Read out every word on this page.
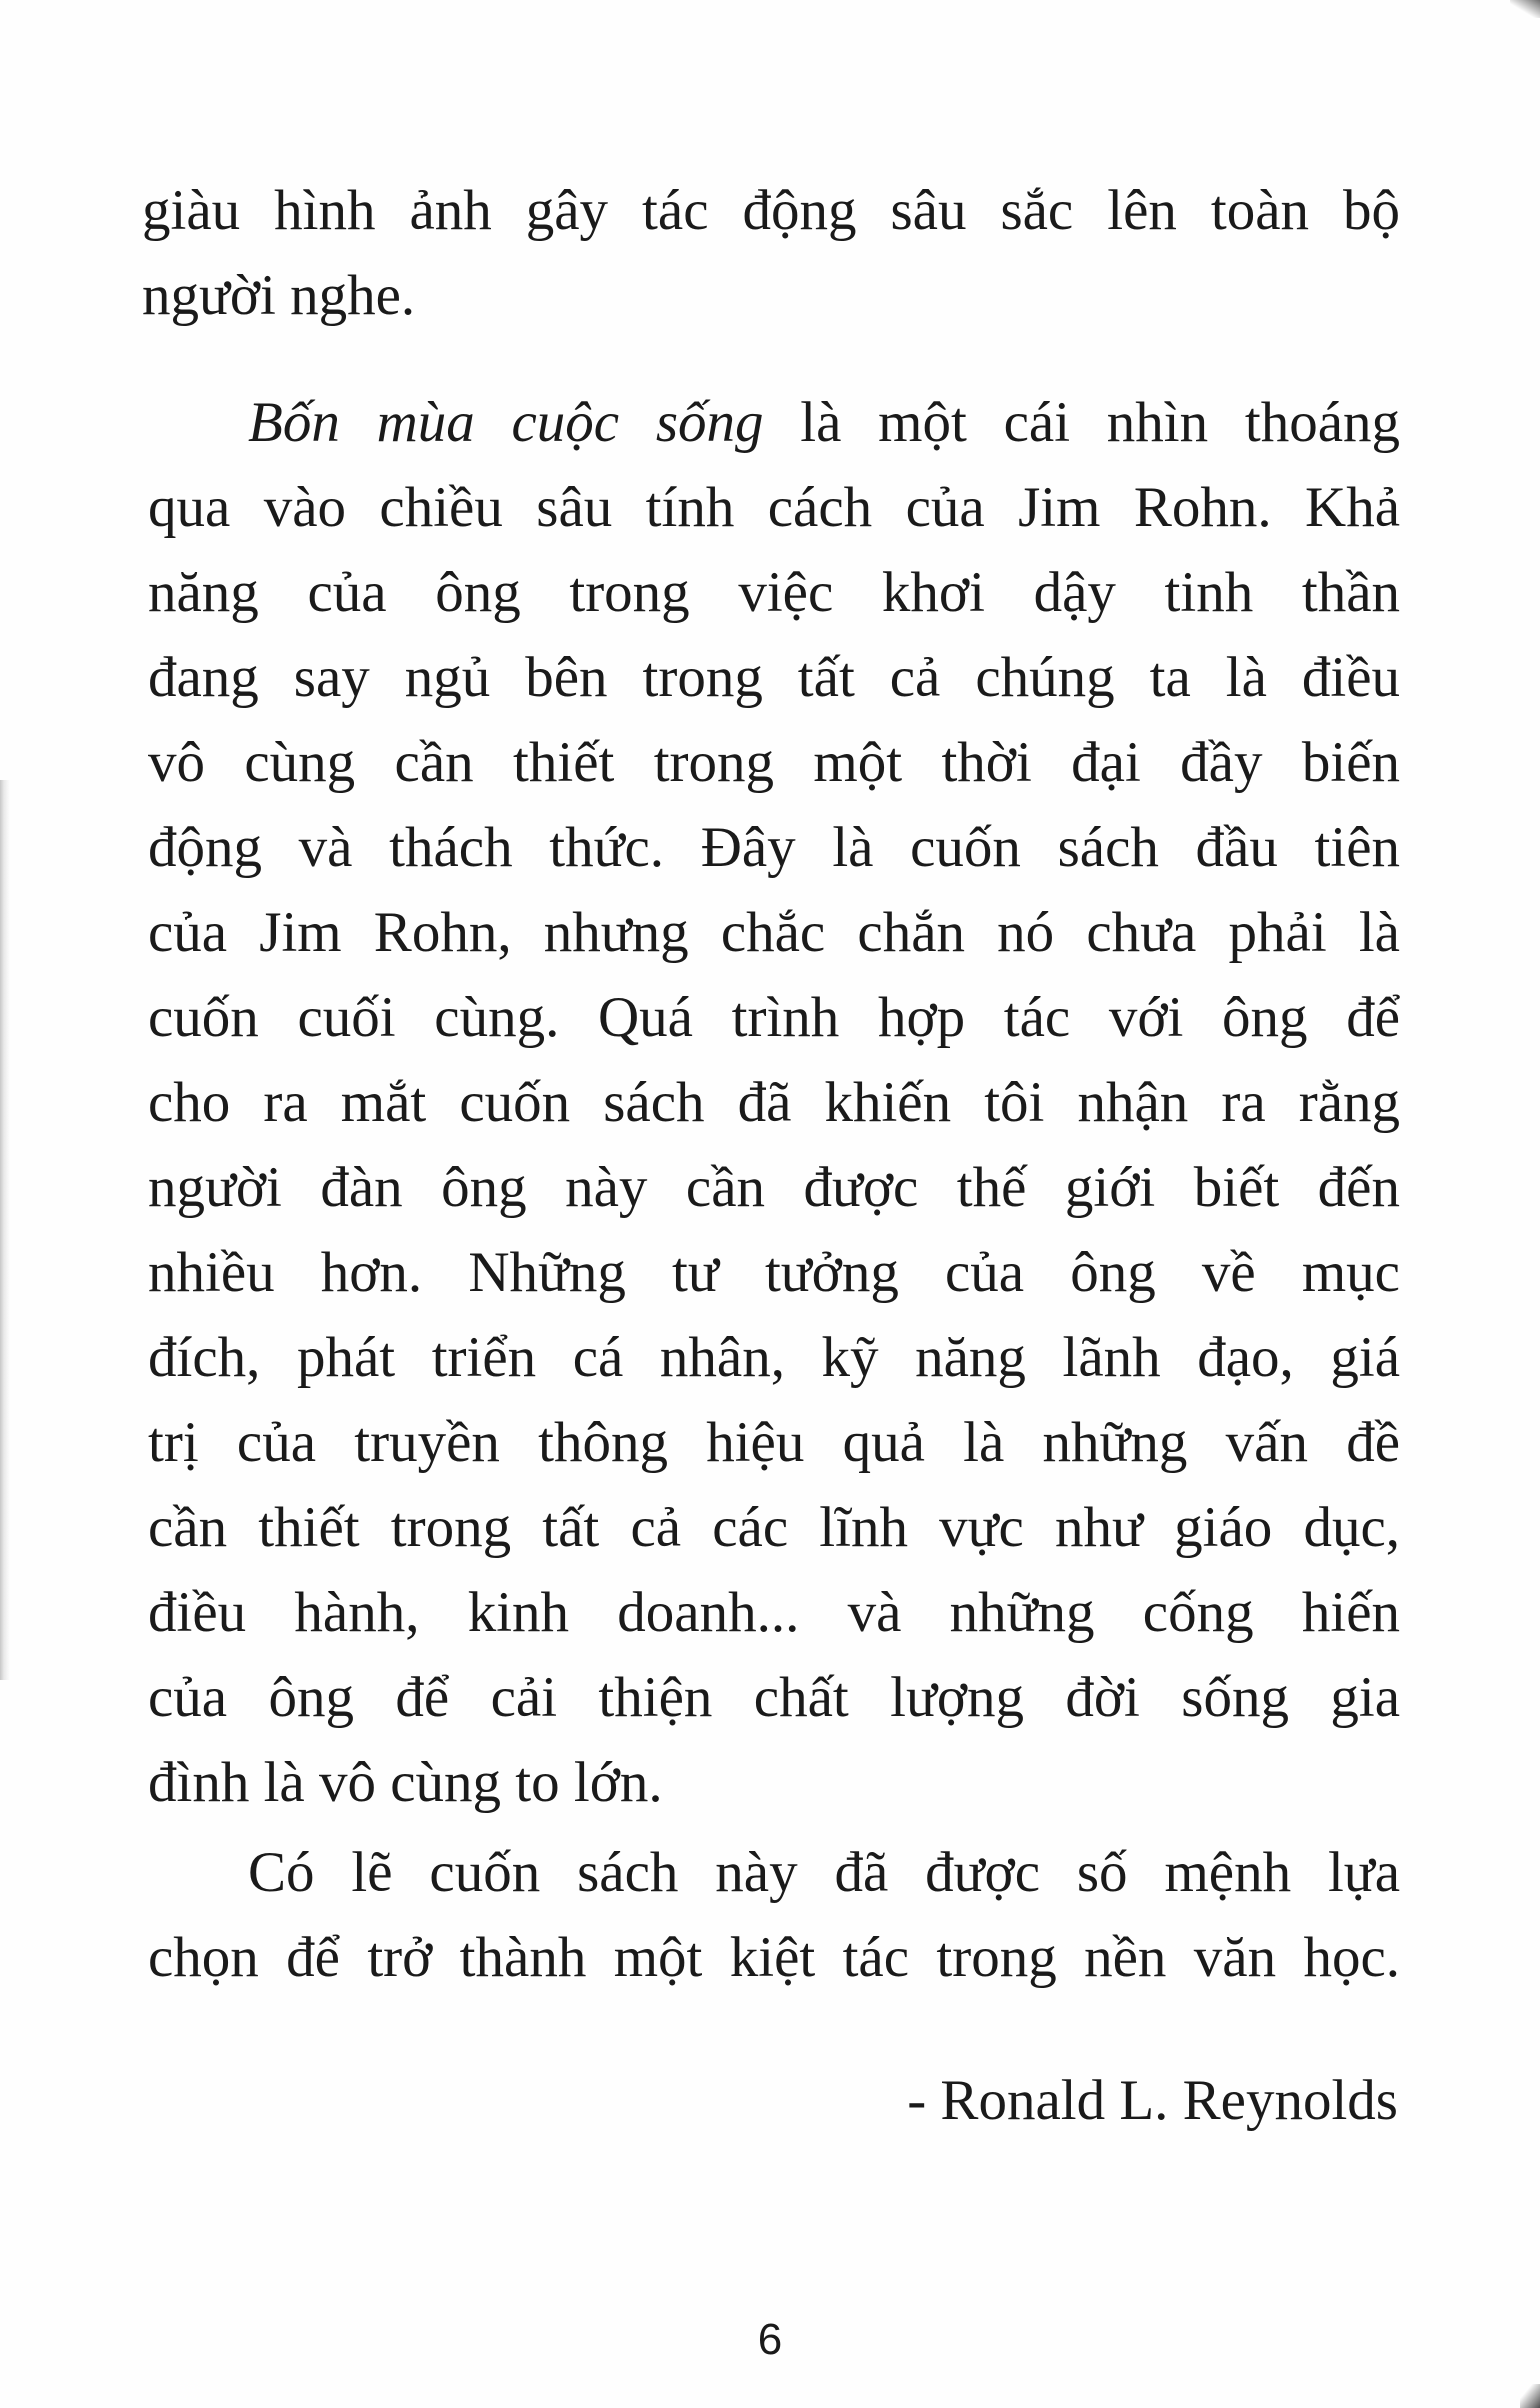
giàu hình ảnh gây tác động sâu sắc lên toàn bộ
người nghe.
Bốn mùa cuộc sống là một cái nhìn thoáng
qua vào chiều sâu tính cách của Jim Rohn. Khả
năng của ông trong việc khơi dậy tinh thần
đang say ngủ bên trong tất cả chúng ta là điều
vô cùng cần thiết trong một thời đại đầy biến
động và thách thức. Đây là cuốn sách đầu tiên
của Jim Rohn, nhưng chắc chắn nó chưa phải là
cuốn cuối cùng. Quá trình hợp tác với ông để
cho ra mắt cuốn sách đã khiến tôi nhận ra rằng
người đàn ông này cần được thế giới biết đến
nhiều hơn. Những tư tưởng của ông về mục
đích, phát triển cá nhân, kỹ năng lãnh đạo, giá
trị của truyền thông hiệu quả là những vấn đề
cần thiết trong tất cả các lĩnh vực như giáo dục,
điều hành, kinh doanh... và những cống hiến
của ông để cải thiện chất lượng đời sống gia
đình là vô cùng to lớn.
Có lẽ cuốn sách này đã được số mệnh lựa
chọn để trở thành một kiệt tác trong nền văn học.

- Ronald L. Reynolds

6
